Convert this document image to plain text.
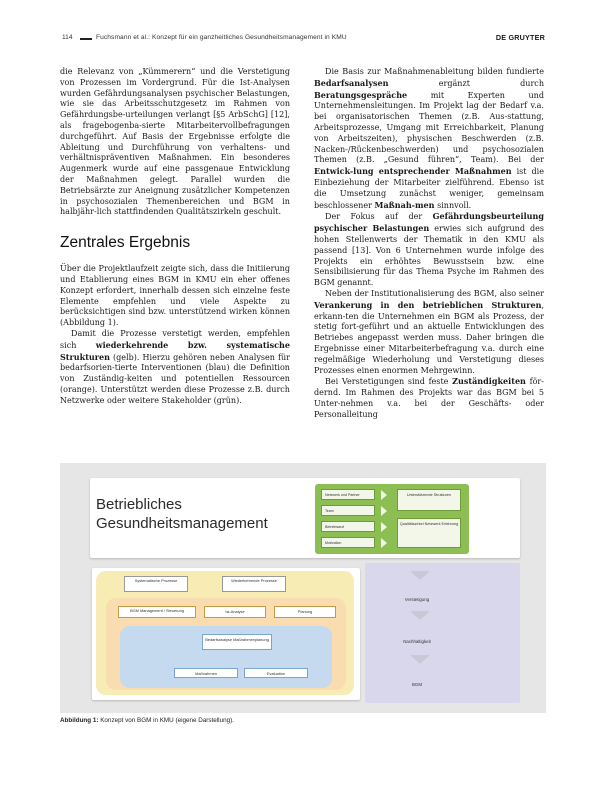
114	Fuchsmann et al.: Konzept für ein ganzheitliches Gesundheitsmanagement in KMU	DE GRUYTER

die Relevanz von „Kümmerern“ und die Verstetigung von Prozessen im Vordergrund. Für die Ist-Analysen wurden Gefährdungsanalysen psychischer Belastungen, wie sie das Arbeitsschutzgesetz im Rahmen von Gefährdungsbe-urteilungen verlangt [§5 ArbSchG] [12], als fragebogenba-sierte Mitarbeitervollbefragungen durchgeführt. Auf Basis der Ergebnisse erfolgte die Ableitung und Durchführung von verhaltens- und verhältnispräventiven Maßnahmen. Ein besonderes Augenmerk wurde auf eine passgenaue Entwicklung der Maßnahmen gelegt. Parallel wurden die Betriebsärzte zur Aneignung zusätzlicher Kompetenzen in psychosozialen Themenbereichen und BGM in halbjähr-lich stattfindenden Qualitätszirkeln geschult.

Zentrales Ergebnis

Über die Projektlaufzeit zeigte sich, dass die Initiierung und Etablierung eines BGM in KMU ein eher offenes Konzept erfordert, innerhalb dessen sich einzelne feste Elemente empfehlen und viele Aspekte zu berücksichtigen sind bzw. unterstützend wirken können (Abbildung 1).

Damit die Prozesse verstetigt werden, empfehlen sich wiederkehrende bzw. systematische Strukturen (gelb). Hierzu gehören neben Analysen für bedarfsorien-tierte Interventionen (blau) die Definition von Zuständig-keiten und potentiellen Ressourcen (orange). Unterstützt werden diese Prozesse z.B. durch Netzwerke oder weitere Stakeholder (grün).

Die Basis zur Maßnahmenableitung bilden fundierte Bedarfsanalysen ergänzt durch Beratungsgespräche mit Experten und Unternehmensleitungen. Im Projekt lag der Bedarf v.a. bei organisatorischen Themen (z.B. Aus-stattung, Arbeitsprozesse, Umgang mit Erreichbarkeit, Planung von Arbeitszeiten), physischen Beschwerden (z.B. Nacken-/Rückenbeschwerden) und psychosozialen Themen (z.B. „Gesund führen“, Team). Bei der Entwick-lung entsprechender Maßnahmen ist die Einbeziehung der Mitarbeiter zielführend. Ebenso ist die Umsetzung zunächst weniger, gemeinsam beschlossener Maßnah-men sinnvoll.

Der Fokus auf der Gefährdungsbeurteilung psychischer Belastungen erwies sich aufgrund des hohen Stellenwerts der Thematik in den KMU als passend [13]. Von 6 Unternehmen wurde infolge des Projekts ein erhöhtes Bewusstsein bzw. eine Sensibilisierung für das Thema Psyche im Rahmen des BGM genannt.

Neben der Institutionalisierung des BGM, also seiner Verankerung in den betrieblichen Strukturen, erkann-ten die Unternehmen ein BGM als Prozess, der stetig fort-geführt und an aktuelle Entwicklungen des Betriebes angepasst werden muss. Daher bringen die Ergebnisse einer Mitarbeiterbefragung v.a. durch eine regelmäßige Wiederholung und Verstetigung dieses Prozesses einen enormen Mehrgewinn.

Bei Verstetigungen sind feste Zuständigkeiten för-dernd. Im Rahmen des Projekts war das BGM bei 5 Unter-nehmen v.a. bei der Geschäfts- oder Personalleitung

Betriebliches
Gesundheitsmanagement
Netzwerk und Partner
Team
Betriebsarzt
Motivation
Unterstützende Strukturen
Qualitätszirkel Netzwerk Erfahrung
Verstetigung
Nachhaltigkeit
BGM
Systematische Prozesse	Wiederkehrende Prozesse
BGM Management / Steuerung	Ist-Analyse	Planung
Bedarfsanalyse Maßnahmenplanung
Maßnahmen	Evaluation
Abbildung 1: Konzept von BGM in KMU (eigene Darstellung).
